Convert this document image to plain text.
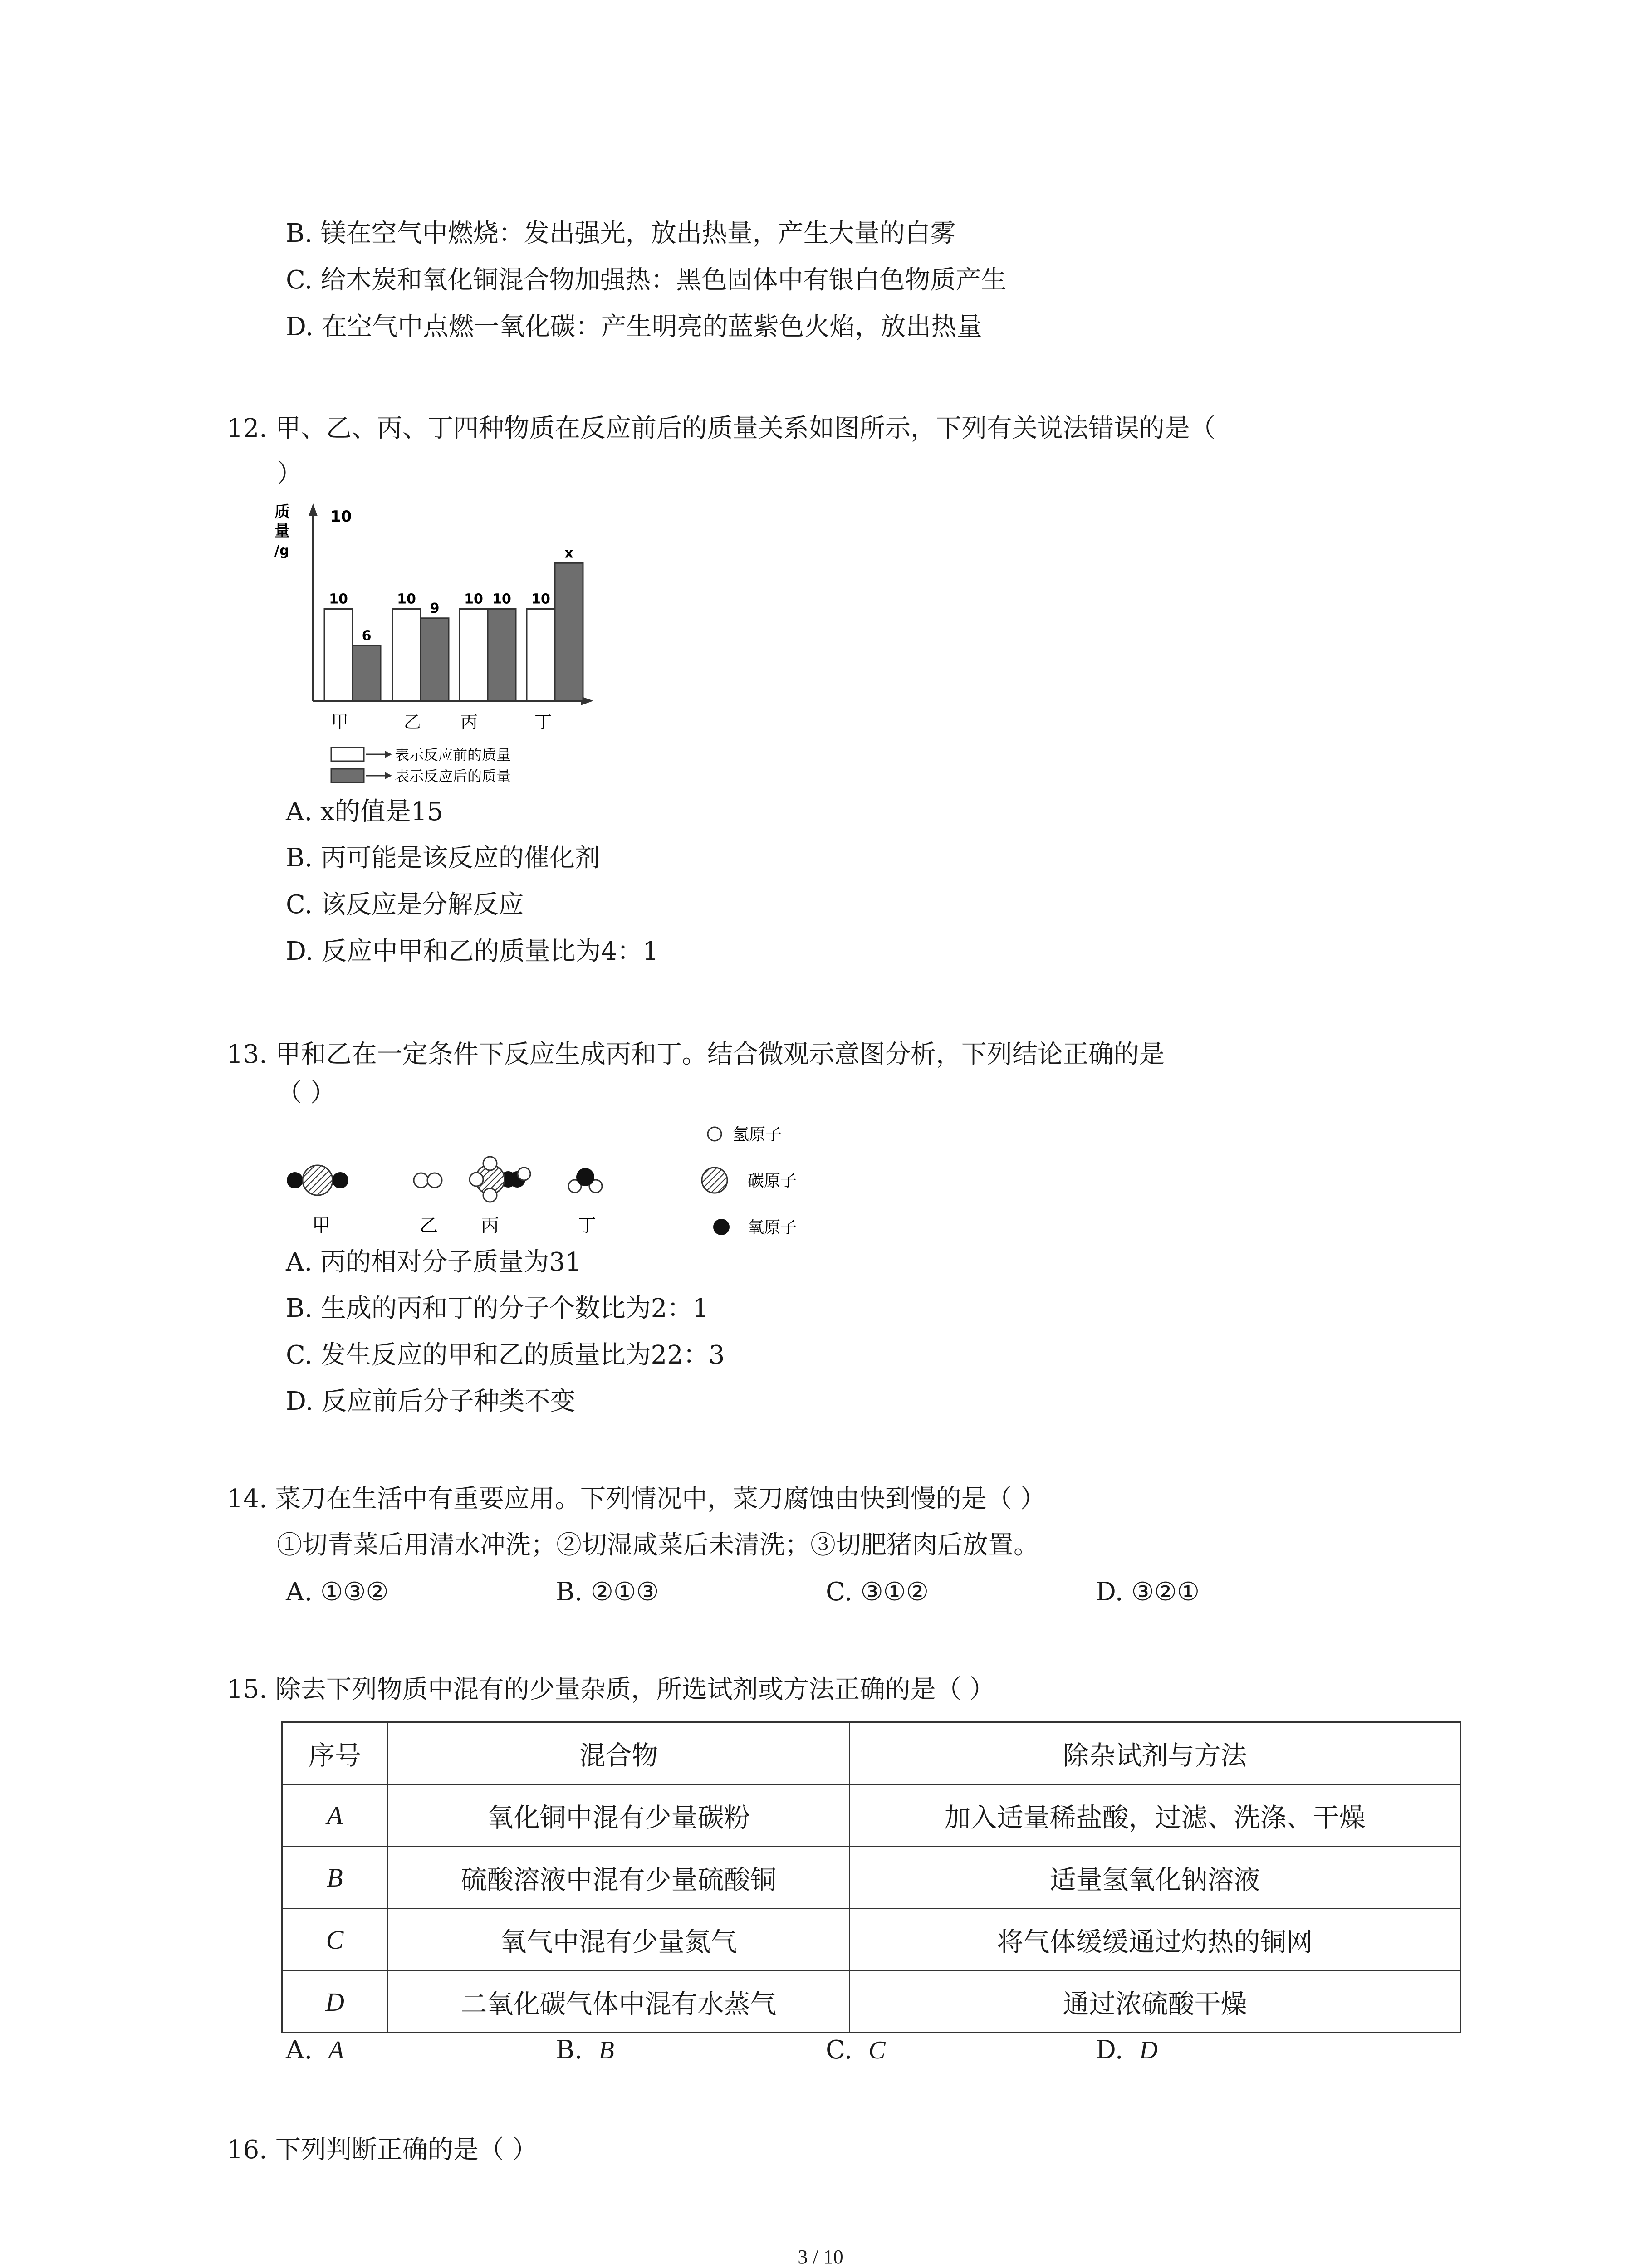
B. 镁在空气中燃烧：发出强光，放出热量，产生大量的白雾
C. 给木炭和氧化铜混合物加强热：黑色固体中有银白色物质产生
D. 在空气中点燃一氧化碳：产生明亮的蓝紫色火焰，放出热量
12. 甲、乙、丙、丁四种物质在反应前后的质量关系如图所示，下列有关说法错误的是（
）
质
量
/g
10
10
6
10
9
10 10 10
x
甲	乙 丙	丁
表示反应前的质量
表示反应后的质量
A. x的值是15
B. 丙可能是该反应的催化剂
C. 该反应是分解反应
D. 反应中甲和乙的质量比为4：1
13. 甲和乙在一定条件下反应生成丙和丁。结合微观示意图分析，下列结论正确的是
（ ）
甲	乙 丙	丁
氢原子
碳原子
氧原子
A. 丙的相对分子质量为31
B. 生成的丙和丁的分子个数比为2：1
C. 发生反应的甲和乙的质量比为22：3
D. 反应前后分子种类不变
14. 菜刀在生活中有重要应用。下列情况中，菜刀腐蚀由快到慢的是（ ）
①切青菜后用清水冲洗；②切湿咸菜后未清洗；③切肥猪肉后放置。
A. ①③②	B. ②①③	C. ③①②	D. ③②①
15. 除去下列物质中混有的少量杂质，所选试剂或方法正确的是（ ）
序号	混合物	除杂试剂与方法
A	氧化铜中混有少量碳粉	加入适量稀盐酸，过滤、洗涤、干燥
B	硫酸溶液中混有少量硫酸铜	适量氢氧化钠溶液
C	氧气中混有少量氮气	将气体缓缓通过灼热的铜网
D	二氧化碳气体中混有水蒸气	通过浓硫酸干燥
A. A	B. B	C. C	D. D
16. 下列判断正确的是（ ）
3 / 10
